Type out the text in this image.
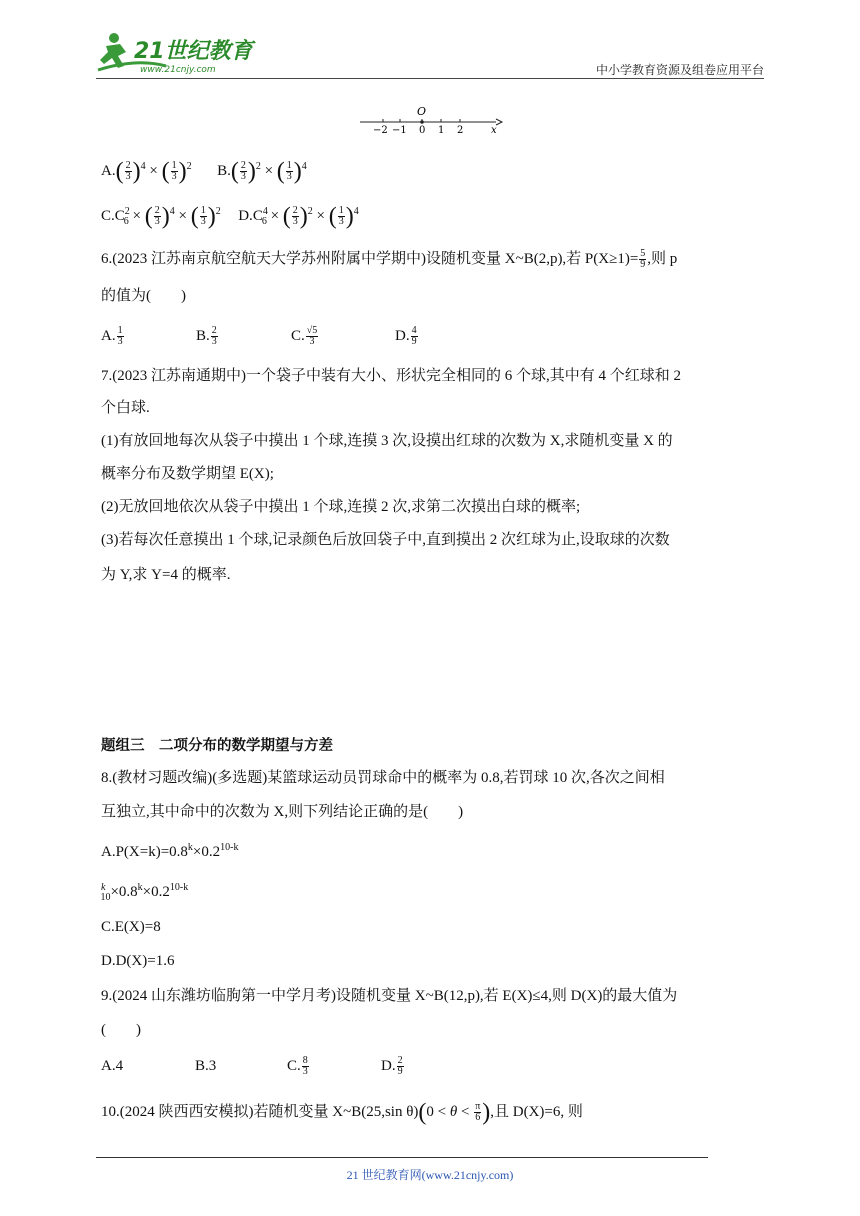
21世纪教育
www.21cnjy.com	中小学教育资源及组卷应用平台
O
−2 −1 0 1 2	x
$A.( \frac{2}{3} )^4$ × ( $\frac{1}{3} )^2$ $B.( \frac{2}{3} )^2$ × ( $\frac{1}{3} )^4$
$C.C^2_6$ × ( $\frac{2}{3} )^4$ × ( $\frac{1}{3} )^2$ $D.C^4_6$ × ( $\frac{2}{3} )^2$ × ( $\frac{1}{3} )^4$
6.(2023 江苏南京航空航天大学苏州附属中学期中)设随机变量 X~B(2,p),若 $P(X\ge 1)= \frac{5}{9}$ ,则 p
的值为(　　)
A. $\frac{1}{3}$	B. $\frac{2}{3}$	C. $\frac{√5}{3}$	D. $\frac{4}{9}$
7.(2023 江苏南通期中)一个袋子中装有大小、形状完全相同的 6 个球,其中有 4 个红球和 2
个白球.
(1)有放回地每次从袋子中摸出 1 个球,连摸 3 次,设摸出红球的次数为 X,求随机变量 X 的
概率分布及数学期望 E(X);
(2)无放回地依次从袋子中摸出 1 个球,连摸 2 次,求第二次摸出白球的概率;
(3)若每次任意摸出 1 个球,记录颜色后放回袋子中,直到摸出 2 次红球为止,设取球的次数
为 Y,求 Y=4 的概率.
题组三　二项分布的数学期望与方差
8.(教材习题改编)(多选题)某篮球运动员罚球命中的概率为 0.8,若罚球 10 次,各次之间相
互独立,其中命中的次数为 X,则下列结论正确的是(　　)
$A.P(X=k)=0.8^k\times 0.2^{10-k}$
$^k_{10}\times 0.8^k\times 0.2^{10-k}$
C.E(X)=8
D.D(X)=1.6
9.(2024 山东潍坊临朐第一中学月考)设随机变量 X~B(12,p),若 E(X)≤4,则 D(X)的最大值为
(　　)
A.4	B.3	C. $\frac{8}{3}$	D. $\frac{2}{9}$
10.(2024 陕西西安模拟)若随机变量 X~B(25,sin $\theta)(0 < \theta < \frac{\pi}{6}$ ),且 D(X)=6, 则
21 世纪教育网(www.21cnjy.com)
